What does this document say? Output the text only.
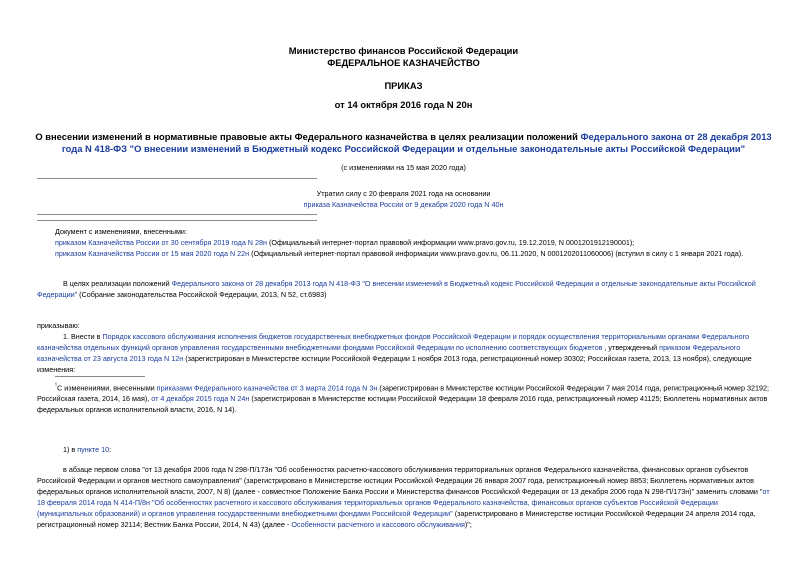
Министерство финансов Российской Федерации
ФЕДЕРАЛЬНОЕ КАЗНАЧЕЙСТВО
ПРИКАЗ
от 14 октября 2016 года N 20н
О внесении изменений в нормативные правовые акты Федерального казначейства в целях реализации положений Федерального закона от 28 декабря 2013 года N 418-ФЗ "О внесении изменений в Бюджетный кодекс Российской Федерации и отдельные законодательные акты Российской Федерации"
(с изменениями на 15 мая 2020 года)
Утратил силу с 20 февраля 2021 года на основании
приказа Казначейства России от 9 декабря 2020 года N 40н
Документ с изменениями, внесенными:
приказом Казначейства России от 30 сентября 2019 года N 28н (Официальный интернет-портал правовой информации www.pravo.gov.ru, 19.12.2019, N 0001201912190001);
приказом Казначейства России от 15 мая 2020 года N 22н (Официальный интернет-портал правовой информации www.pravo.gov.ru, 06.11.2020, N 0001202011060006) (вступил в силу с 1 января 2021 года).
В целях реализации положений Федерального закона от 28 декабря 2013 года N 418-ФЗ "О внесении изменений в Бюджетный кодекс Российской Федерации и отдельные законодательные акты Российской Федерации" (Собрание законодательства Российской Федерации, 2013, N 52, ст.6983)
приказываю:
1. Внести в Порядок кассового обслуживания исполнения бюджетов государственных внебюджетных фондов Российской Федерации и порядок осуществления территориальными органами Федерального казначейства отдельных функций органов управления государственными внебюджетными фондами Российской Федерации по исполнению соответствующих бюджетов , утвержденный приказом Федерального казначейства от 23 августа 2013 года N 12н (зарегистрирован в Министерстве юстиции Российской Федерации 1 ноября 2013 года, регистрационный номер 30302; Российская газета, 2013, 13 ноября), следующие изменения:
$^{^1}$С изменениями, внесенными приказами Федерального казначейства от 3 марта 2014 года N 3н (зарегистрирован в Министерстве юстиции Российской Федерации 7 мая 2014 года, регистрационный номер 32192; Российская газета, 2014, 16 мая), от 4 декабря 2015 года N 24н (зарегистрирован в Министерстве юстиции Российской Федерации 18 февраля 2016 года, регистрационный номер 41125; Бюллетень нормативных актов федеральных органов исполнительной власти, 2016, N 14).
1) в пункте 10:
в абзаце первом слова "от 13 декабря 2006 года N 298-П/173н "Об особенностях расчетно-кассового обслуживания территориальных органов Федерального казначейства, финансовых органов субъектов Российской Федерации и органов местного самоуправления" (зарегистрировано в Министерстве юстиции Российской Федерации 26 января 2007 года, регистрационный номер 8853; Бюллетень нормативных актов федеральных органов исполнительной власти, 2007, N 8) (далее - совместное Положение Банка России и Министерства финансов Российской Федерации от 13 декабря 2006 года N 298-П/173н)" заменить словами "от 18 февраля 2014 года N 414-П/8н "Об особенностях расчетного и кассового обслуживания территориальных органов Федерального казначейства, финансовых органов субъектов Российской Федерации (муниципальных образований) и органов управления государственными внебюджетными фондами Российской Федерации" (зарегистрировано в Министерстве юстиции Российской Федерации 24 апреля 2014 года, регистрационный номер 32114; Вестник Банка России, 2014, N 43) (далее - Особенности расчетного и кассового обслуживания)";
